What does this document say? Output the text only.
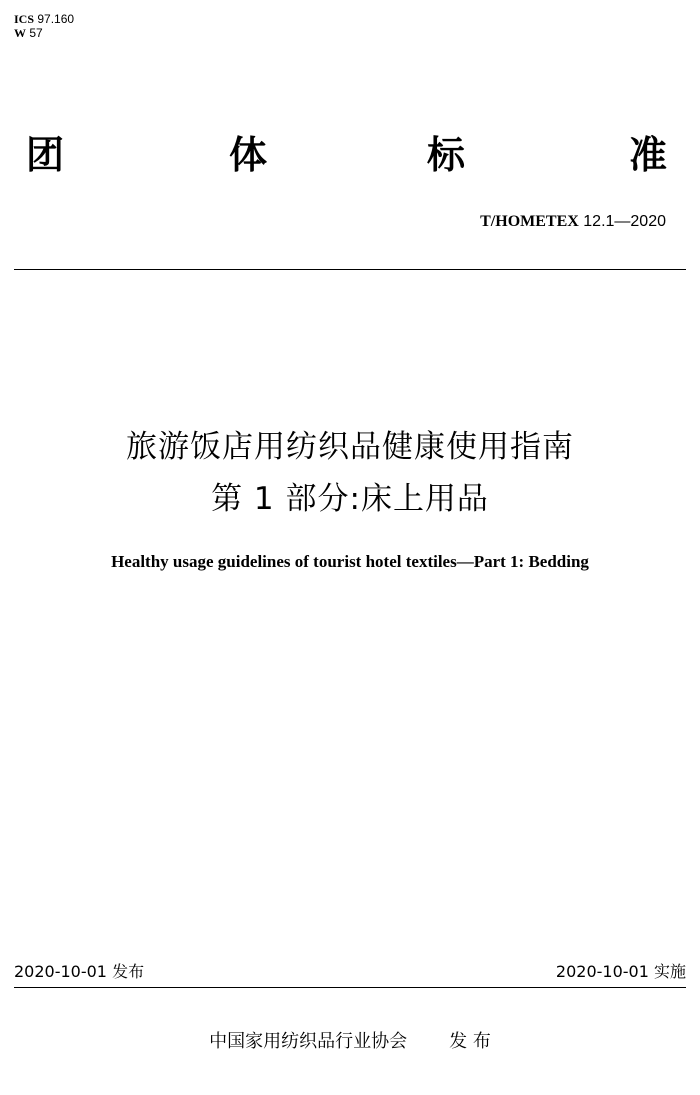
ICS 97.160
W 57
团	体	标	准
T/HOMETEX 12.1—2020
旅游饭店用纺织品健康使用指南
第 1 部分:床上用品
Healthy usage guidelines of tourist hotel textiles—Part 1: Bedding
2020-10-01 发布	2020-10-01 实施
中国家用纺织品行业协会 发 布
